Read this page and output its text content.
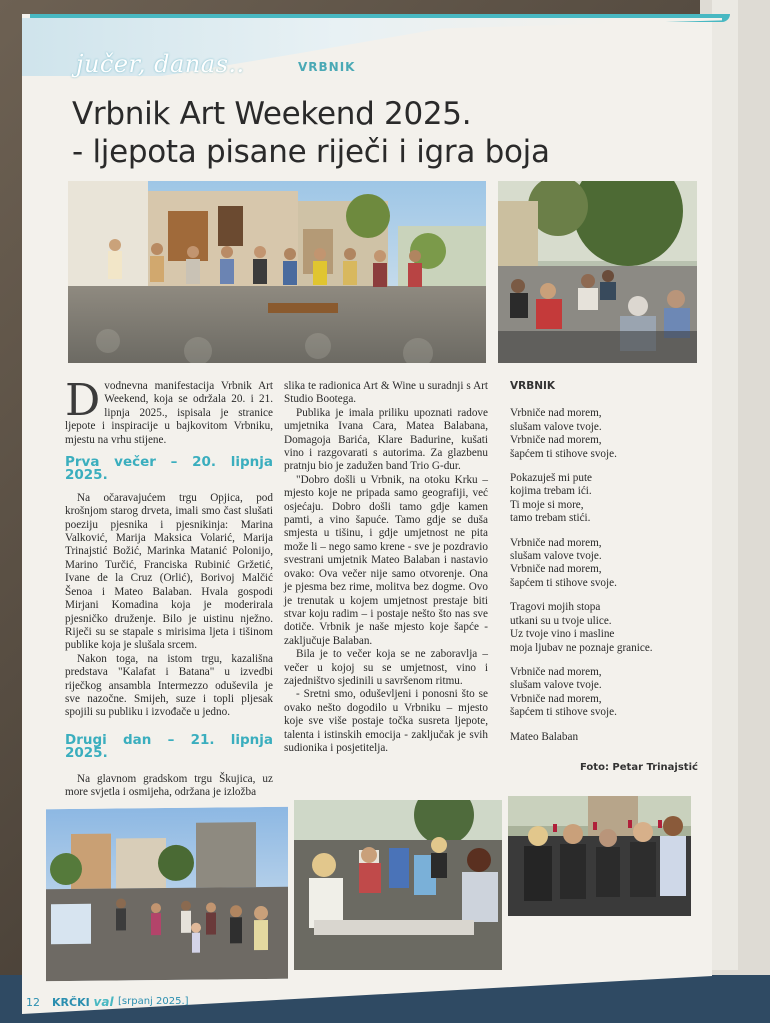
jučer, danas..	VRBNIK
Vrbnik Art Weekend 2025.
- ljepota pisane riječi i igra boja

Dvodnevna manifestacija Vrbnik Art Weekend, koja se održala 20. i 21. lipnja 2025., ispisala je stranice ljepote i inspiracije u bajkovitom Vrbniku, mjestu na vrhu stijene.

Prva večer – 20. lipnja 2025.

Na očaravajućem trgu Opjica, pod krošnjom starog drveta, imali smo čast slušati poeziju pjesnika i pjesnikinja: Marina Valković, Marija Maksica Volarić, Marija Trinajstić Božić, Marinka Matanić Polonijo, Marino Turčić, Franciska Rubinić Gržetić, Ivane de la Cruz (Orlić), Borivoj Malčić Šenoa i Mateo Balaban. Hvala gospodi Mirjani Komadina koja je moderirala pjesničko druženje. Bilo je uistinu nježno. Riječi su se stapale s mirisima ljeta i tišinom publike koja je slušala srcem.

Nakon toga, na istom trgu, kazališna predstava "Kalafat i Batana" u izvedbi riječkog ansambla Intermezzo oduševila je sve nazočne. Smijeh, suze i topli pljesak spojili su publiku i izvođače u jedno.

Drugi dan – 21. lipnja 2025.

Na glavnom gradskom trgu Škujica, uz more svjetla i osmijeha, održana je izložba

slika te radionica Art & Wine u suradnji s Art Studio Bootega.

Publika je imala priliku upoznati radove umjetnika Ivana Cara, Matea Balabana, Domagoja Barića, Klare Badurine, kušati vino i razgovarati s autorima. Za glazbenu pratnju bio je zadužen band Trio G-dur.

"Dobro došli u Vrbnik, na otoku Krku – mjesto koje ne pripada samo geografiji, već osjećaju. Dobro došli tamo gdje kamen pamti, a vino šapuće. Tamo gdje se duša smjesta u tišinu, i gdje umjetnost ne pita može li – nego samo krene - sve je pozdravio svestrani umjetnik Mateo Balaban i nastavio ovako: Ova večer nije samo otvorenje. Ona je pjesma bez rime, molitva bez dogme. Ovo je trenutak u kojem umjetnost prestaje biti stvar koju radim – i postaje nešto što nas sve dotiče. Vrbnik je naše mjesto koje šapće - zaključuje Balaban.

Bila je to večer koja se ne zaboravlja – večer u kojoj su se umjetnost, vino i zajedništvo sjedinili u savršenom ritmu.

- Sretni smo, oduševljeni i ponosni što se ovako nešto dogodilo u Vrbniku – mjesto koje sve više postaje točka susreta ljepote, talenta i istinskih emocija - zaključak je svih sudionika i posjetitelja.

VRBNIK
Vrbniče nad morem,
slušam valove tvoje.
Vrbniče nad morem,
šapćem ti stihove svoje.
Pokazuješ mi pute
kojima trebam ići.
Ti moje si more,
tamo trebam stići.
Vrbniče nad morem,
slušam valove tvoje.
Vrbniče nad morem,
šapćem ti stihove svoje.
Tragovi mojih stopa
utkani su u tvoje ulice.
Uz tvoje vino i masline
moja ljubav ne poznaje granice.
Vrbniče nad morem,
slušam valove tvoje.
Vrbniče nad morem,
šapćem ti stihove svoje.
Mateo Balaban
Foto: Petar Trinajstić
12 KRČKI val [srpanj 2025.]
